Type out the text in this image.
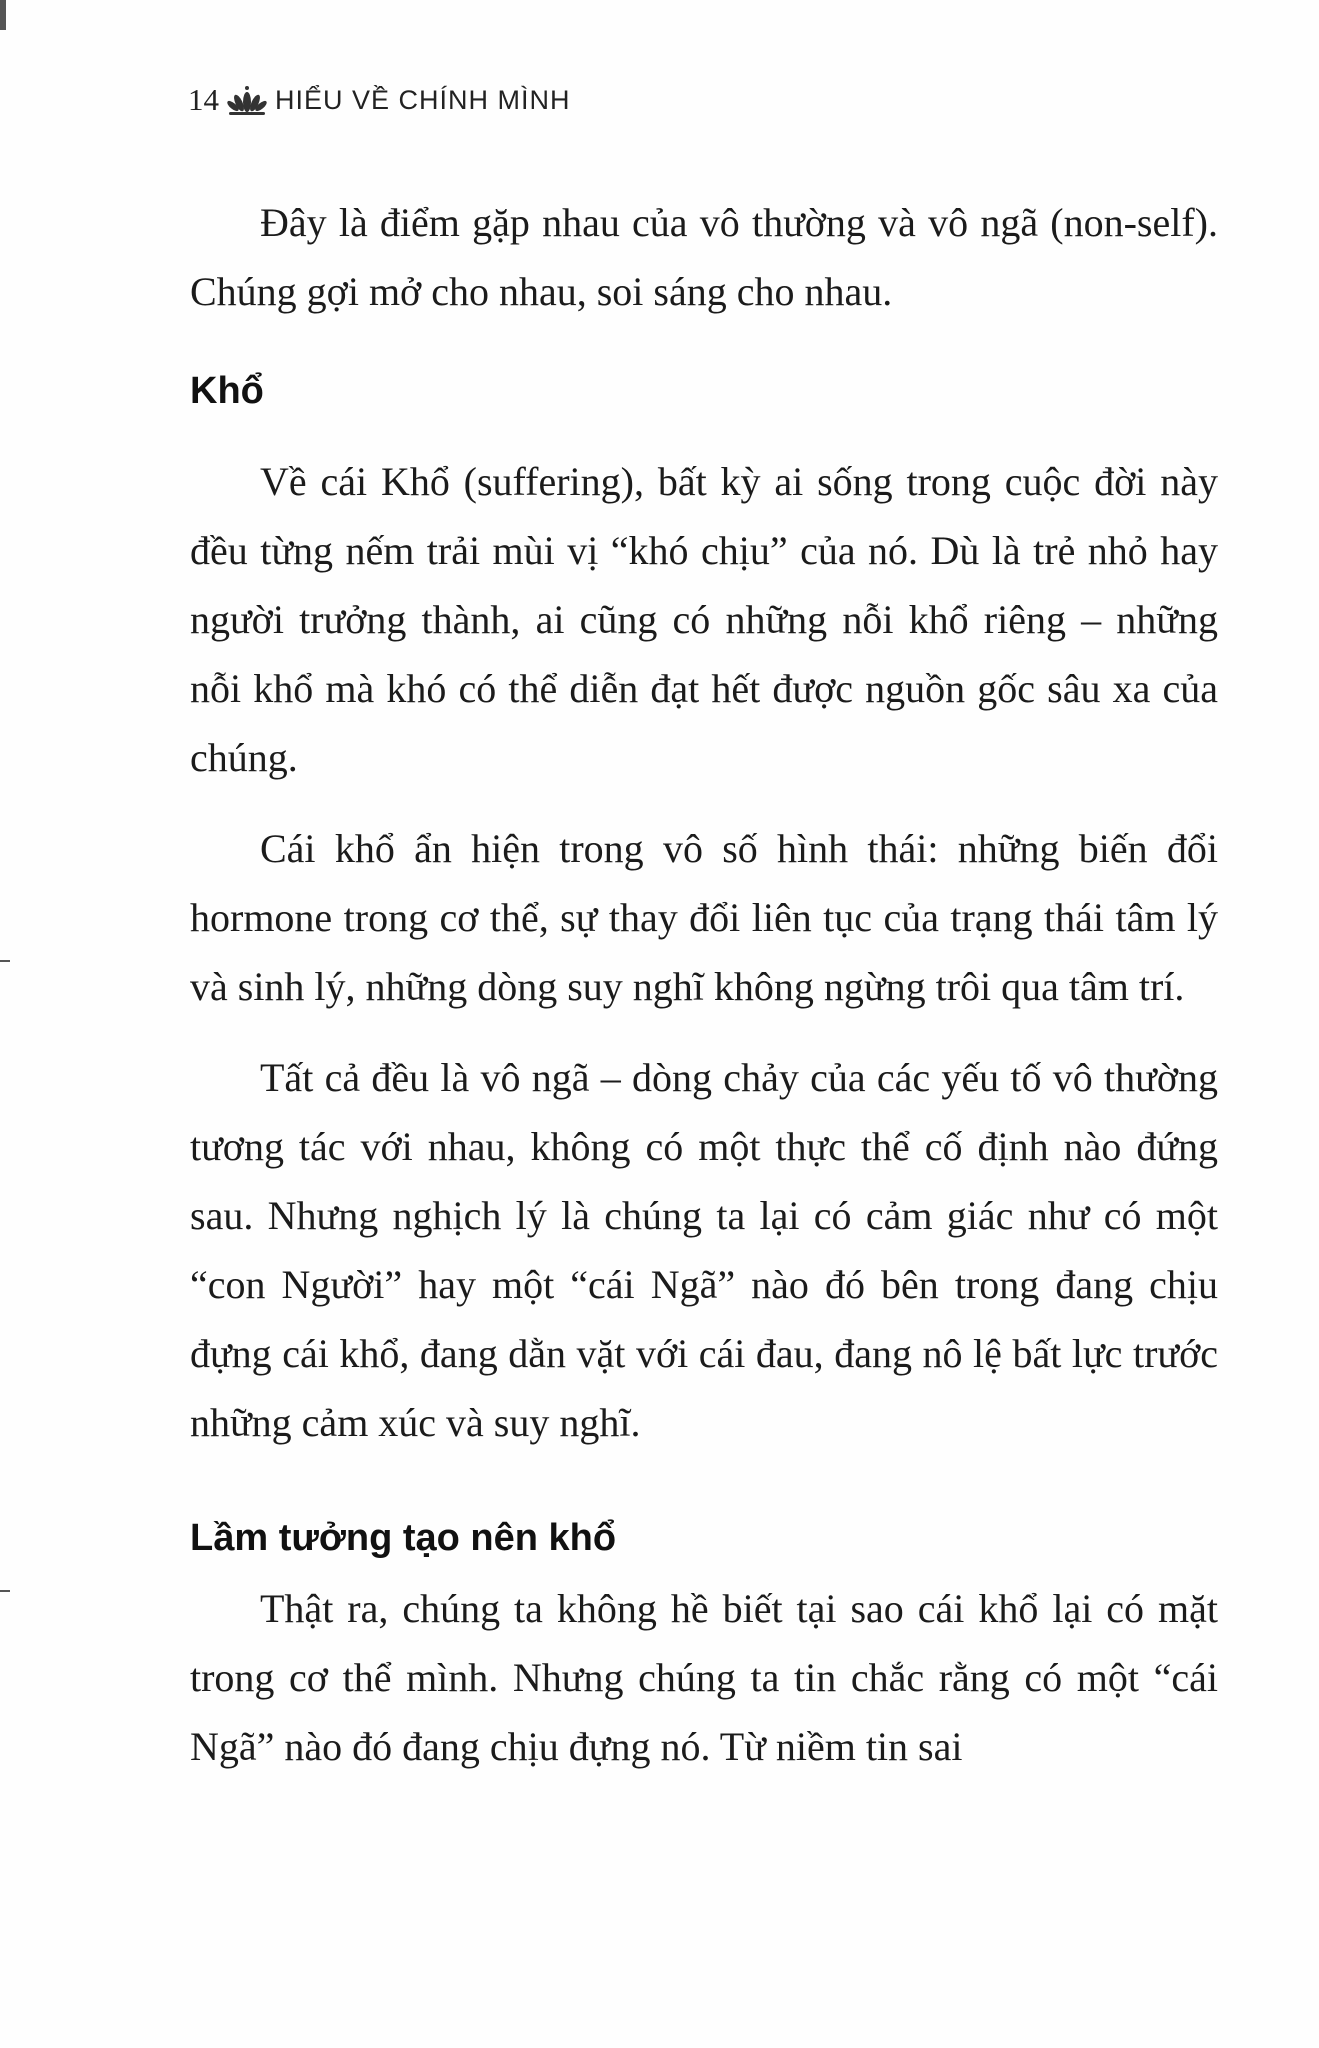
14 HIỂU VỀ CHÍNH MÌNH

Đây là điểm gặp nhau của vô thường và vô ngã (non-self). Chúng gợi mở cho nhau, soi sáng cho nhau.

Khổ

Về cái Khổ (suffering), bất kỳ ai sống trong cuộc đời này đều từng nếm trải mùi vị “khó chịu” của nó. Dù là trẻ nhỏ hay người trưởng thành, ai cũng có những nỗi khổ riêng – những nỗi khổ mà khó có thể diễn đạt hết được nguồn gốc sâu xa của chúng.

Cái khổ ẩn hiện trong vô số hình thái: những biến đổi hormone trong cơ thể, sự thay đổi liên tục của trạng thái tâm lý và sinh lý, những dòng suy nghĩ không ngừng trôi qua tâm trí.

Tất cả đều là vô ngã – dòng chảy của các yếu tố vô thường tương tác với nhau, không có một thực thể cố định nào đứng sau. Nhưng nghịch lý là chúng ta lại có cảm giác như có một “con Người” hay một “cái Ngã” nào đó bên trong đang chịu đựng cái khổ, đang dằn vặt với cái đau, đang nô lệ bất lực trước những cảm xúc và suy nghĩ.

Lầm tưởng tạo nên khổ

Thật ra, chúng ta không hề biết tại sao cái khổ lại có mặt trong cơ thể mình. Nhưng chúng ta tin chắc rằng có một “cái Ngã” nào đó đang chịu đựng nó. Từ niềm tin sai
